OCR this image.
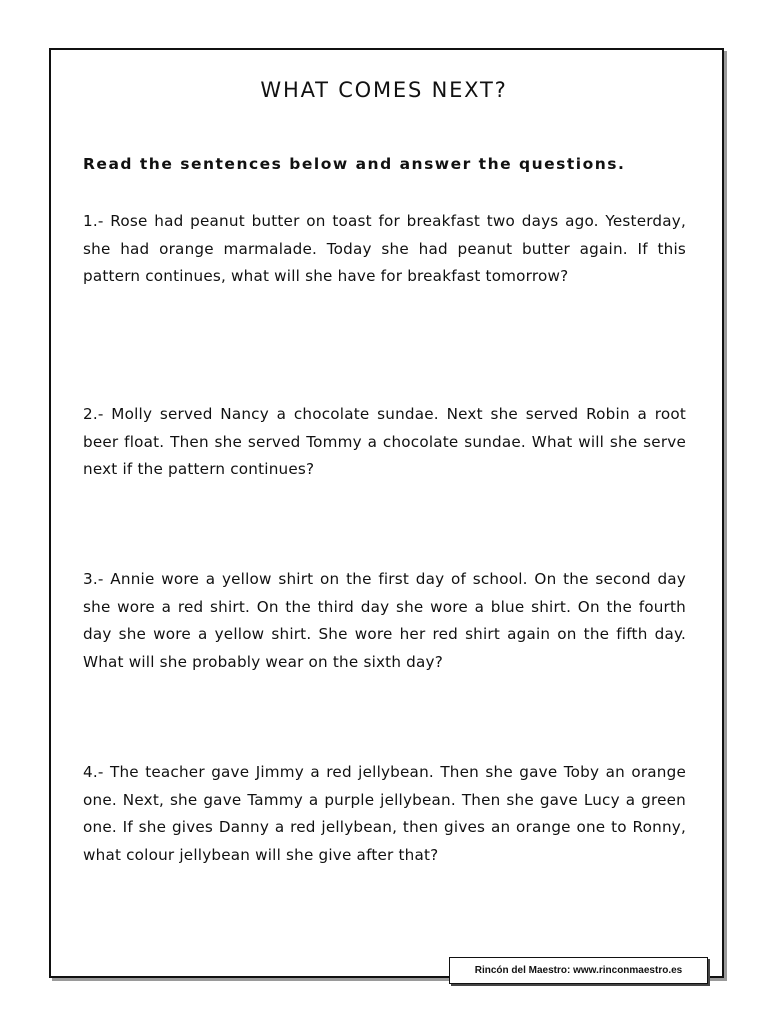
WHAT COMES NEXT?

Read the sentences below and answer the questions.

1.- Rose had peanut butter on toast for breakfast two days ago. Yesterday, she had orange marmalade. Today she had peanut butter again. If this pattern continues, what will she have for breakfast tomorrow?

2.- Molly served Nancy a chocolate sundae. Next she served Robin a root beer float. Then she served Tommy a chocolate sundae. What will she serve next if the pattern continues?

3.- Annie wore a yellow shirt on the first day of school. On the second day she wore a red shirt. On the third day she wore a blue shirt. On the fourth day she wore a yellow shirt. She wore her red shirt again on the fifth day. What will she probably wear on the sixth day?

4.- The teacher gave Jimmy a red jellybean. Then she gave Toby an orange one. Next, she gave Tammy a purple jellybean. Then she gave Lucy a green one. If she gives Danny a red jellybean, then gives an orange one to Ronny, what colour jellybean will she give after that?

Rincón del Maestro: www.rinconmaestro.es
